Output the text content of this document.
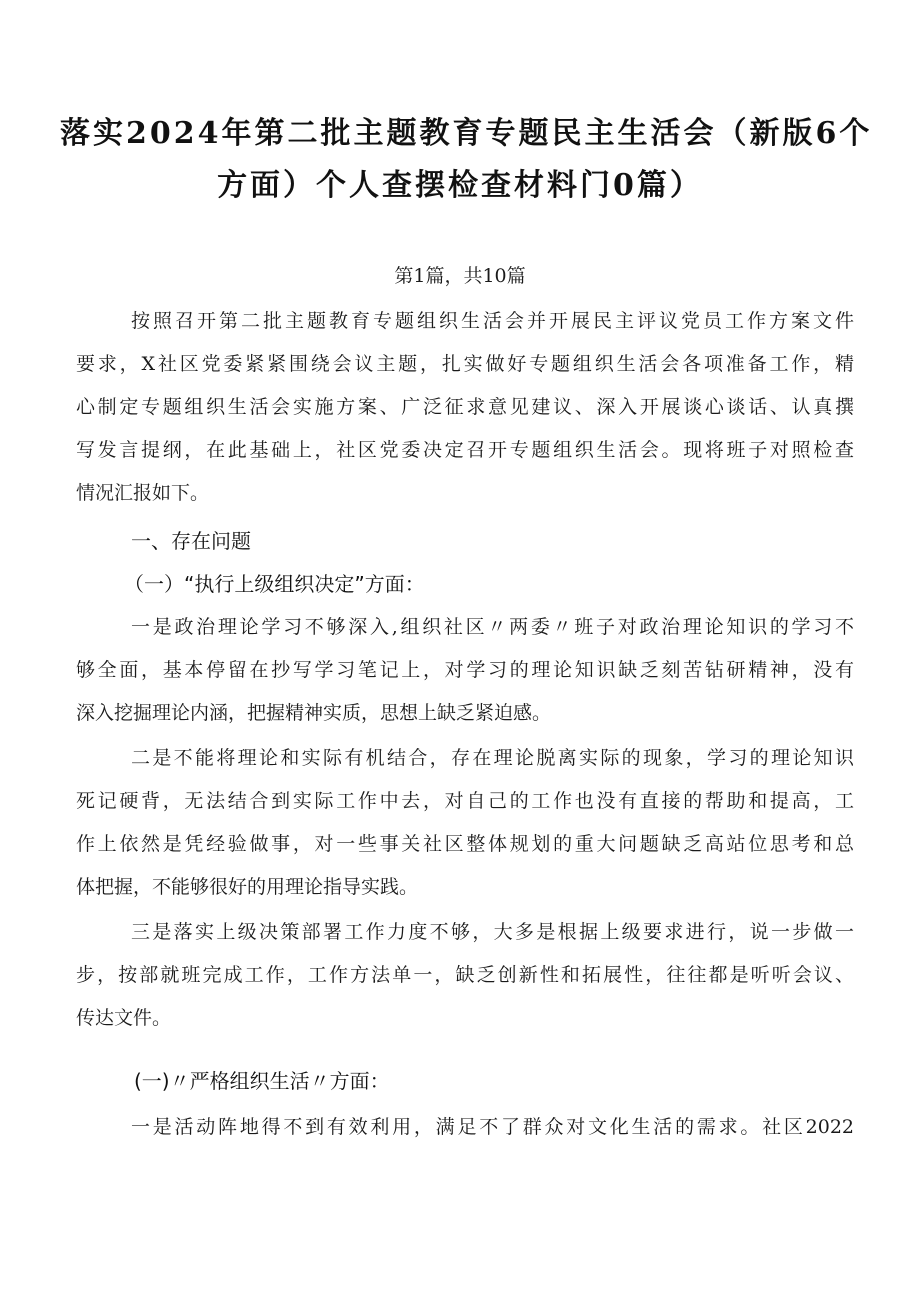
落实2024年第二批主题教育专题民主生活会（新版6个
方面）个人查摆检查材料门0篇）
第1篇，共10篇

按照召开第二批主题教育专题组织生活会并开展民主评议党员工作方案文件
要求，X社区党委紧紧围绕会议主题，扎实做好专题组织生活会各项准备工作，精
心制定专题组织生活会实施方案、广泛征求意见建议、深入开展谈心谈话、认真撰
写发言提纲，在此基础上，社区党委决定召开专题组织生活会。现将班子对照检查
情况汇报如下。

一、存在问题
（一）“执行上级组织决定”方面：

一是政治理论学习不够深入,组织社区〃两委〃班子对政治理论知识的学习不
够全面，基本停留在抄写学习笔记上，对学习的理论知识缺乏刻苦钻研精神，没有
深入挖掘理论内涵，把握精神实质，思想上缺乏紧迫感。

二是不能将理论和实际有机结合，存在理论脱离实际的现象，学习的理论知识
死记硬背，无法结合到实际工作中去，对自己的工作也没有直接的帮助和提高，工
作上依然是凭经验做事，对一些事关社区整体规划的重大问题缺乏高站位思考和总
体把握，不能够很好的用理论指导实践。

三是落实上级决策部署工作力度不够，大多是根据上级要求进行，说一步做一
步，按部就班完成工作，工作方法单一，缺乏创新性和拓展性，往往都是听听会议、
传达文件。

(一)〃严格组织生活〃方面：

一是活动阵地得不到有效利用，满足不了群众对文化生活的需求。社区2022
